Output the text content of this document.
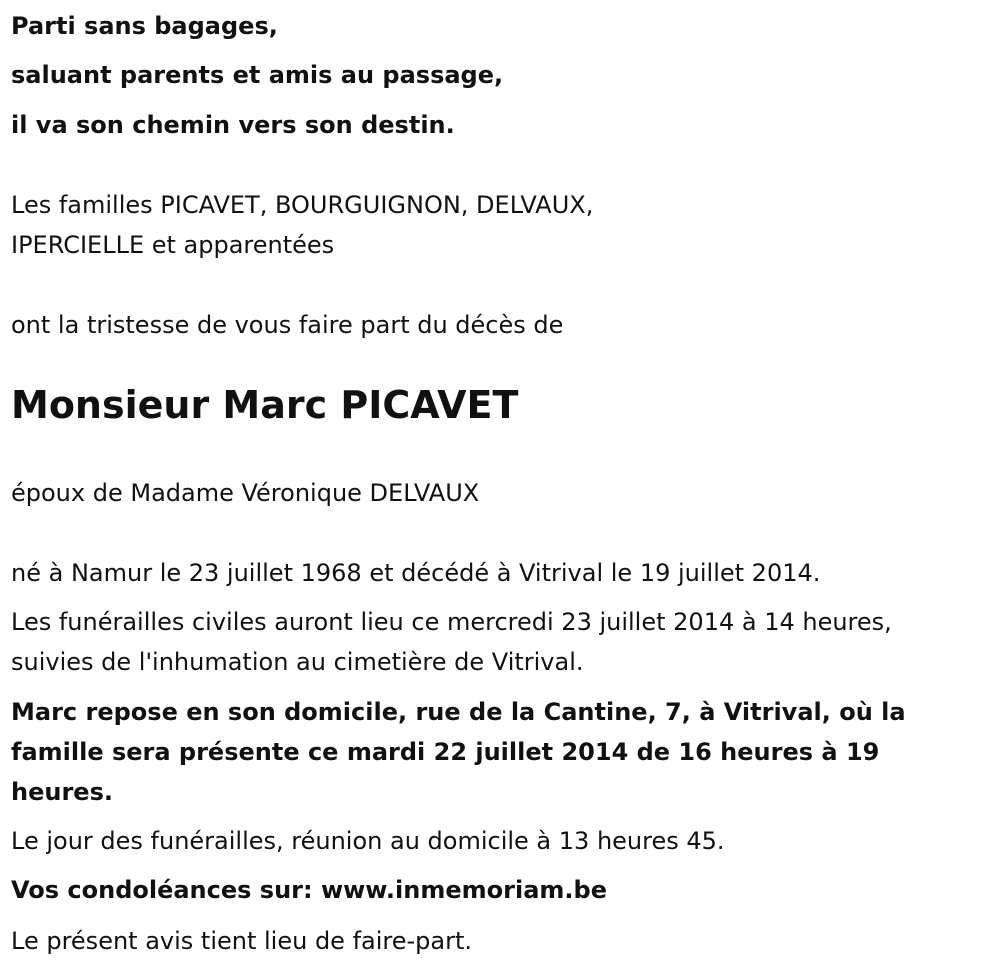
Parti sans bagages,

saluant parents et amis au passage,

il va son chemin vers son destin.

Les familles PICAVET, BOURGUIGNON, DELVAUX,

IPERCIELLE et apparentées

ont la tristesse de vous faire part du décès de

Monsieur Marc PICAVET

époux de Madame Véronique DELVAUX

né à Namur le 23 juillet 1968 et décédé à Vitrival le 19 juillet 2014.

Les funérailles civiles auront lieu ce mercredi 23 juillet 2014 à 14 heures,

suivies de l'inhumation au cimetière de Vitrival.

Marc repose en son domicile, rue de la Cantine, 7, à Vitrival, où la

famille sera présente ce mardi 22 juillet 2014 de 16 heures à 19

heures.

Le jour des funérailles, réunion au domicile à 13 heures 45.

Vos condoléances sur: www.inmemoriam.be

Le présent avis tient lieu de faire-part.
